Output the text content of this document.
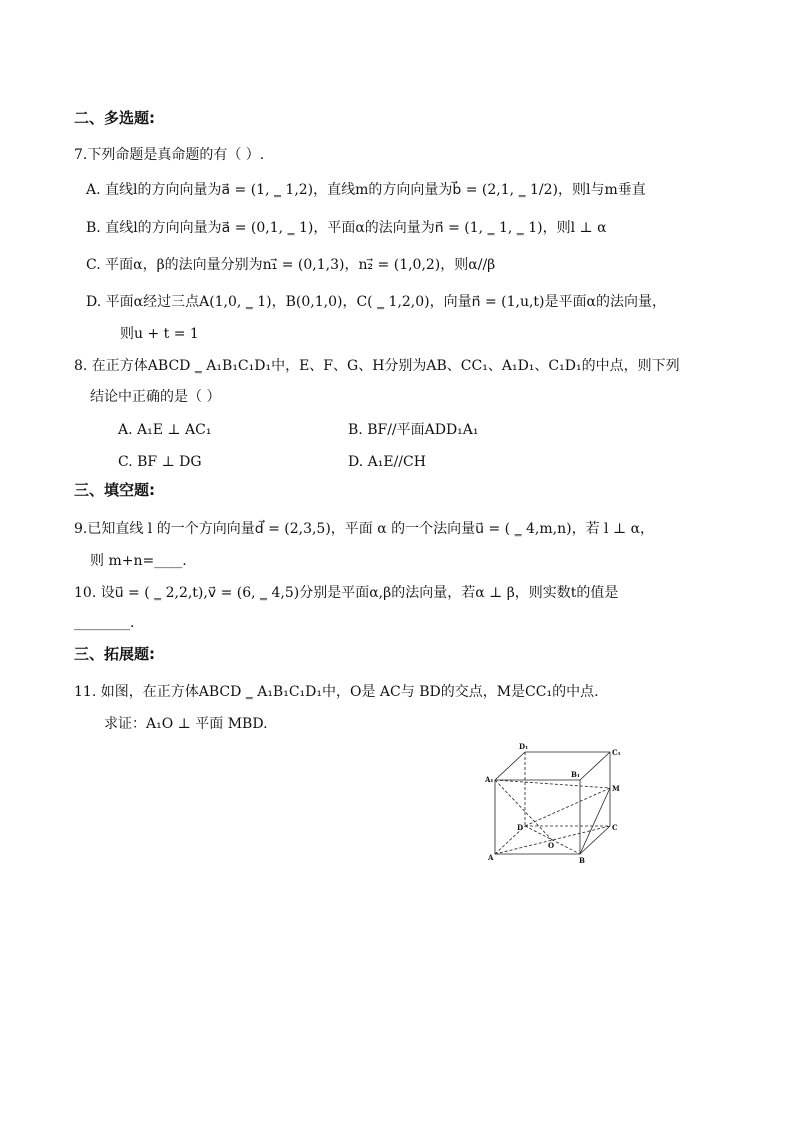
二、多选题:
7.下列命题是真命题的有（ ）.
A. 直线l的方向向量为a⃗ = (1, ‗ 1,2)，直线m的方向向量为b⃗ = (2,1, ‗ 1/2)，则l与m垂直
B. 直线l的方向向量为a⃗ = (0,1, ‗ 1)，平面α的法向量为n⃗ = (1, ‗ 1, ‗ 1)，则l ⊥ α
C. 平面α，β的法向量分别为n₁⃗ = (0,1,3)，n₂⃗ = (1,0,2)，则α//β
D. 平面α经过三点A(1,0, ‗ 1)，B(0,1,0)，C( ‗ 1,2,0)，向量n⃗ = (1,u,t)是平面α的法向量，
则u + t = 1
8. 在正方体ABCD ‗ A₁B₁C₁D₁中，E、F、G、H分别为AB、CC₁、A₁D₁、C₁D₁的中点，则下列
结论中正确的是（ ）
A. A₁E ⊥ AC₁	B. BF//平面ADD₁A₁
C. BF ⊥ DG	D. A₁E//CH
三、填空题:
9.已知直线 l 的一个方向向量d⃗ = (2,3,5)，平面 α 的一个法向量u⃗ = ( ‗ 4,m,n)，若 l ⊥ α，
则 m+n=____.
10. 设u⃗ = ( ‗ 2,2,t),v⃗ = (6, ‗ 4,5)分别是平面α,β的法向量，若α ⊥ β，则实数t的值是
________.
三、拓展题:
11. 如图，在正方体ABCD ‗ A₁B₁C₁D₁中，O是 AC与 BD的交点，M是CC₁的中点.
求证：A₁O ⊥ 平面 MBD.
D₁
C₁
A₁
B₁
M
D	C
O
A	B
